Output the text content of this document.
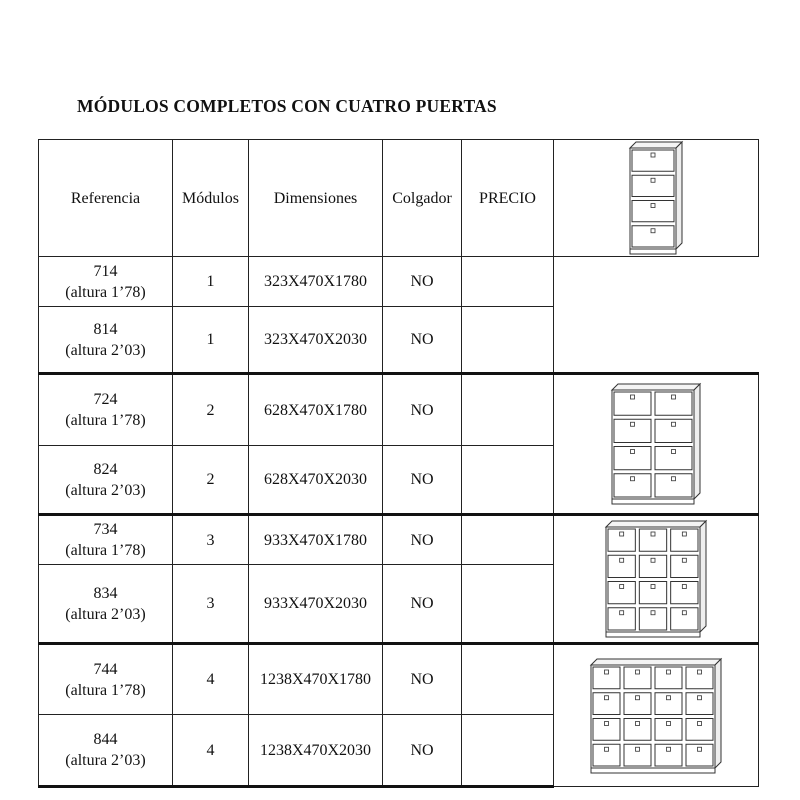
MÓDULOS COMPLETOS CON CUATRO PUERTAS
Referencia	Módulos	Dimensiones	Colgador	PRECIO	

714
(altura 1’78)	1	323X470X1780	NO		

814
(altura 2’03)	1	323X470X2030	NO		

724
(altura 1’78)	2	628X470X1780	NO		

824
(altura 2’03)	2	628X470X2030	NO		

734
(altura 1’78)	3	933X470X1780	NO		

834
(altura 2’03)	3	933X470X2030	NO		

744
(altura 1’78)	4	1238X470X1780	NO		

844
(altura 2’03)	4	1238X470X2030	NO		
